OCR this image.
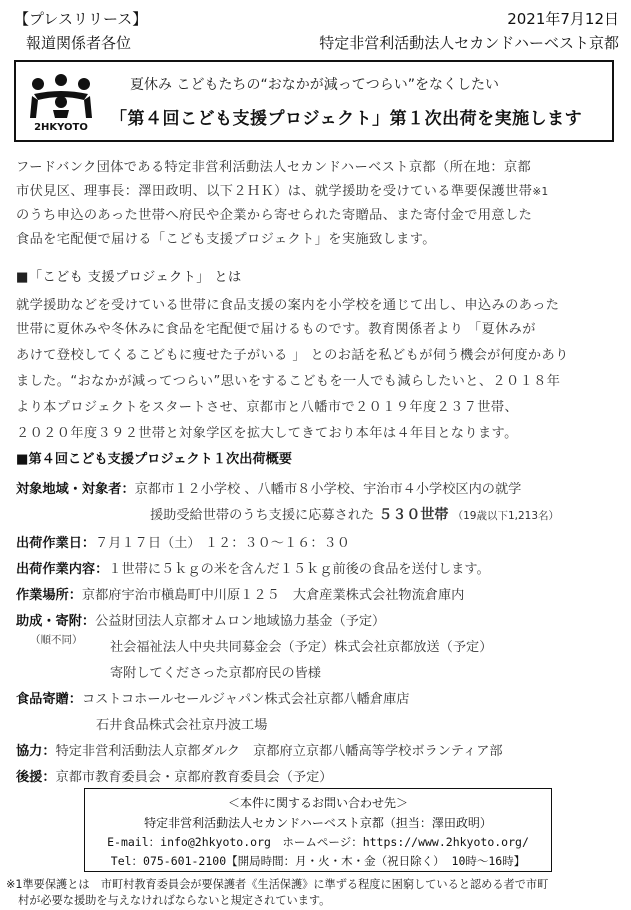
【プレスリリース】	2021年7月12日
報道関係者各位	特定非営利活動法人セカンドハーベスト京都
2HKYOTO
夏休み こどもたちの“おなかが減ってつらい”をなくしたい
「第４回こども支援プロジェクト」第１次出荷を実施します
フードバンク団体である特定非営利活動法人セカンドハーベスト京都（所在地：京都
市伏見区、理事長：澤田政明、以下２ＨＫ）は、就学援助を受けている準要保護世帯※1
のうち申込のあった世帯へ府民や企業から寄せられた寄贈品、また寄付金で用意した
食品を宅配便で届ける「こども支援プロジェクト」を実施致します。
■「こども 支援プロジェクト」 とは
就学援助などを受けている世帯に食品支援の案内を小学校を通じて出し、申込みのあった
世帯に夏休みや冬休みに食品を宅配便で届けるものです。教育関係者より 「夏休みが
あけて登校してくるこどもに痩せた子がいる 」 とのお話を私どもが伺う機会が何度かあり
ました。“おなかが減ってつらい”思いをするこどもを一人でも減らしたいと、２０１８年
より本プロジェクトをスタートさせ、京都市と八幡市で２０１９年度２３７世帯、
２０２０年度３９２世帯と対象学区を拡大してきており本年は４年目となります。
■第４回こども支援プロジェクト１次出荷概要
対象地域・対象者：京都市１２小学校 、八幡市８小学校、宇治市４小学校区内の就学
援助受給世帯のうち支援に応募された ５３０世帯 （19歳以下1,213名）
出荷作業日：７月１７日（土） １２：３０～１６：３０
出荷作業内容：１世帯に５ｋｇの米を含んだ１５ｋｇ前後の食品を送付します。
作業場所：京都府宇治市槇島町中川原１２５　大倉産業株式会社物流倉庫内
助成・寄附：公益財団法人京都オムロン地域協力基金（予定）
（順不同） 社会福祉法人中央共同募金会（予定）株式会社京都放送（予定）
寄附してくださった京都府民の皆様
食品寄贈：コストコホールセールジャパン株式会社京都八幡倉庫店
石井食品株式会社京丹波工場
協力：特定非営利活動法人京都ダルク　京都府立京都八幡高等学校ボランティア部
後援：京都市教育委員会・京都府教育委員会（予定）
＜本件に関するお問い合わせ先＞
特定非営利活動法人セカンドハーベスト京都（担当：澤田政明）
E-mail：info@2hkyoto.org　ホームページ：https://www.2hkyoto.org/
Tel：075-601-2100【開局時間：月・火・木・金（祝日除く） 10時～16時】
※1準要保護とは　市町村教育委員会が要保護者《生活保護》に準ずる程度に困窮していると認める者で市町
村が必要な援助を与えなければならないと規定されています。
